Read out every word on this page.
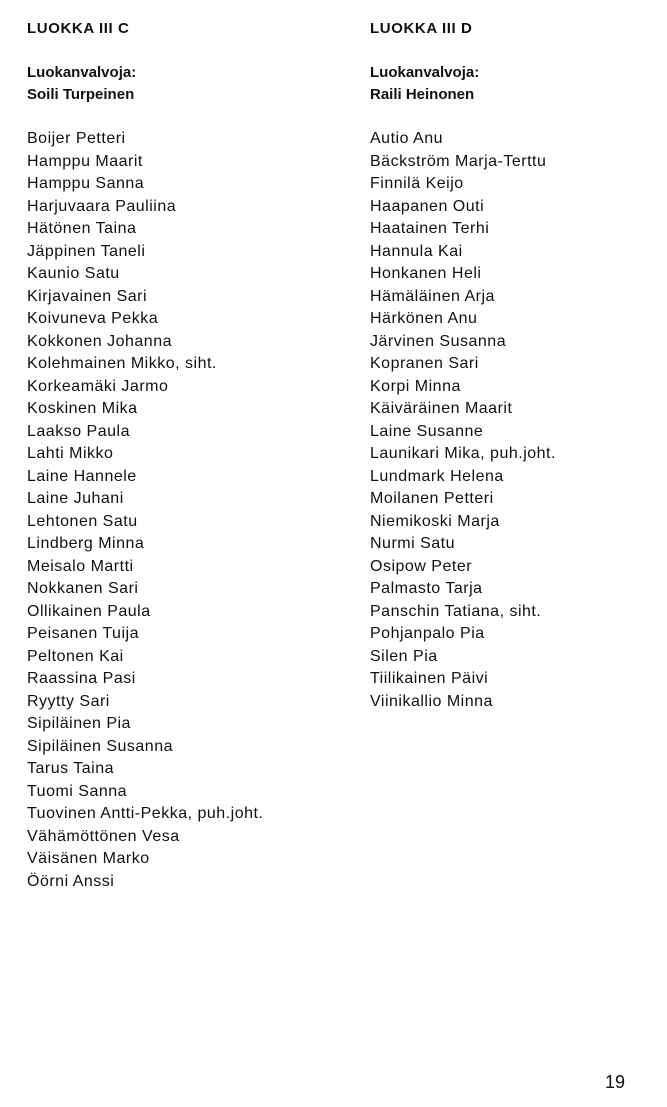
LUOKKA III C

Luokanvalvoja:

Soili Turpeinen

Boijer Petteri
Hamppu Maarit
Hamppu Sanna
Harjuvaara Pauliina
Hätönen Taina
Jäppinen Taneli
Kaunio Satu
Kirjavainen Sari
Koivuneva Pekka
Kokkonen Johanna
Kolehmainen Mikko, siht.
Korkeamäki Jarmo
Koskinen Mika
Laakso Paula
Lahti Mikko
Laine Hannele
Laine Juhani
Lehtonen Satu
Lindberg Minna
Meisalo Martti
Nokkanen Sari
Ollikainen Paula
Peisanen Tuija
Peltonen Kai
Raassina Pasi
Ryytty Sari
Sipiläinen Pia
Sipiläinen Susanna
Tarus Taina
Tuomi Sanna
Tuovinen Antti-Pekka, puh.joht.
Vähämöttönen Vesa
Väisänen Marko
Öörni Anssi

LUOKKA III D

Luokanvalvoja:

Raili Heinonen

Autio Anu
Bäckström Marja-Terttu
Finnilä Keijo
Haapanen Outi
Haatainen Terhi
Hannula Kai
Honkanen Heli
Hämäläinen Arja
Härkönen Anu
Järvinen Susanna
Kopranen Sari
Korpi Minna
Käiväräinen Maarit
Laine Susanne
Launikari Mika, puh.joht.
Lundmark Helena
Moilanen Petteri
Niemikoski Marja
Nurmi Satu
Osipow Peter
Palmasto Tarja
Panschin Tatiana, siht.
Pohjanpalo Pia
Silen Pia
Tiilikainen Päivi
Viinikallio Minna
19
